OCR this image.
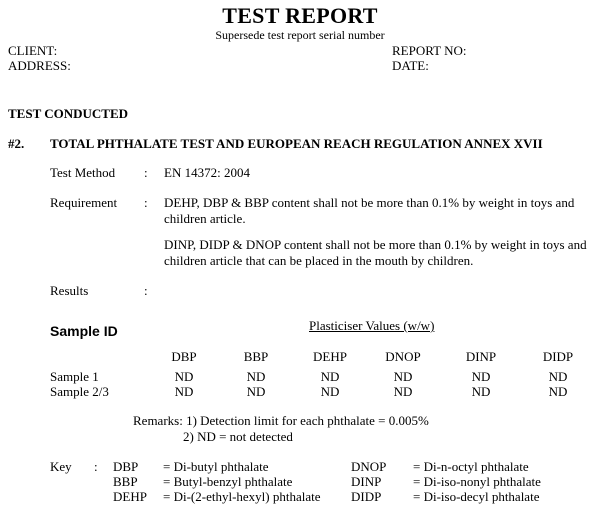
TEST REPORT
Supersede test report serial number
CLIENT:
ADDRESS:
REPORT NO:
DATE:
TEST CONDUCTED
#2. TOTAL PHTHALATE TEST AND EUROPEAN REACH REGULATION ANNEX XVII
Test Method : EN 14372: 2004
Requirement : DEHP, DBP & BBP content shall not be more than 0.1% by weight in toys and children article.
DINP, DIDP & DNOP content shall not be more than 0.1% by weight in toys and children article that can be placed in the mouth by children.
Results	:
Sample ID	Plasticiser Values (w/w)
DBP	BBP	DEHP	DNOP	DINP	DIDP
Sample 1	ND	ND	ND	ND	ND	ND
Sample 2/3	ND	ND	ND	ND	ND	ND
Remarks: 1) Detection limit for each phthalate = 0.005%
2) ND = not detected
Key : DBP = Di-butyl phthalate
BBP = Butyl-benzyl phthalate
DEHP = Di-(2-ethyl-hexyl) phthalate
DNOP = Di-n-octyl phthalate
DINP = Di-iso-nonyl phthalate
DIDP = Di-iso-decyl phthalate
